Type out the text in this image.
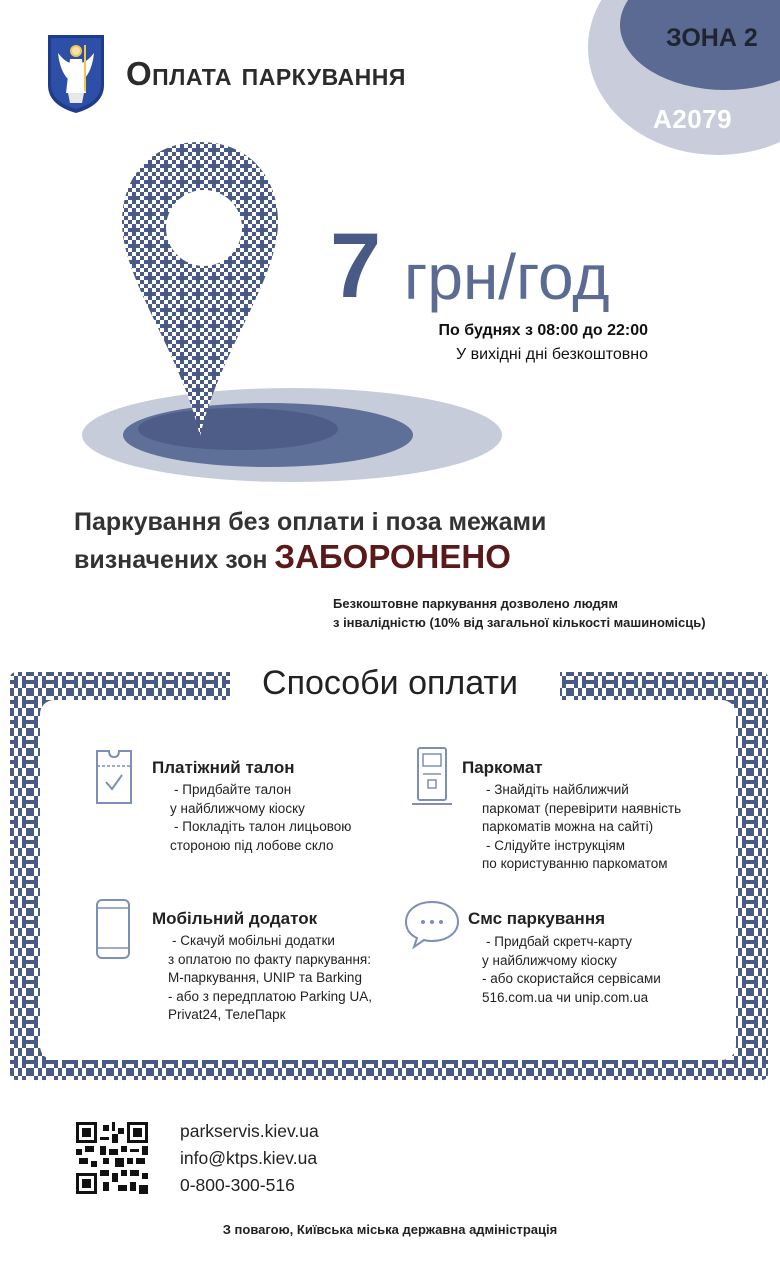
ЗОНА 2
A2079
Оплата паркування
7 грн/год
По буднях з 08:00 до 22:00
У вихідні дні безкоштовно
Паркування без оплати і поза межами
визначених зон ЗАБОРОНЕНО
Безкоштовне паркування дозволено людям
з інвалідністю (10% від загальної кількості машиномісць)
Способи оплати
Платіжний талон
- Придбайте талон
у найближчому кіоску
- Покладіть талон лицьовою
стороною під лобове скло
Паркомат
- Знайдіть найближчий
паркомат (перевірити наявність
паркоматів можна на сайті)
- Слідуйте інструкціям
по користуванню паркоматом
Мобільний додаток
- Скачуй мобільні додатки
з оплатою по факту паркування:
M-паркування, UNIP та Barking
- або з передплатою Parking UA,
Privat24, ТелеПарк
Смс паркування
- Придбай скретч-карту
у найближчому кіоску
- або скористайся сервісами
516.com.ua чи unip.com.ua
parkservis.kiev.ua
info@ktps.kiev.ua
0-800-300-516
З повагою, Київська міська державна адміністрація
